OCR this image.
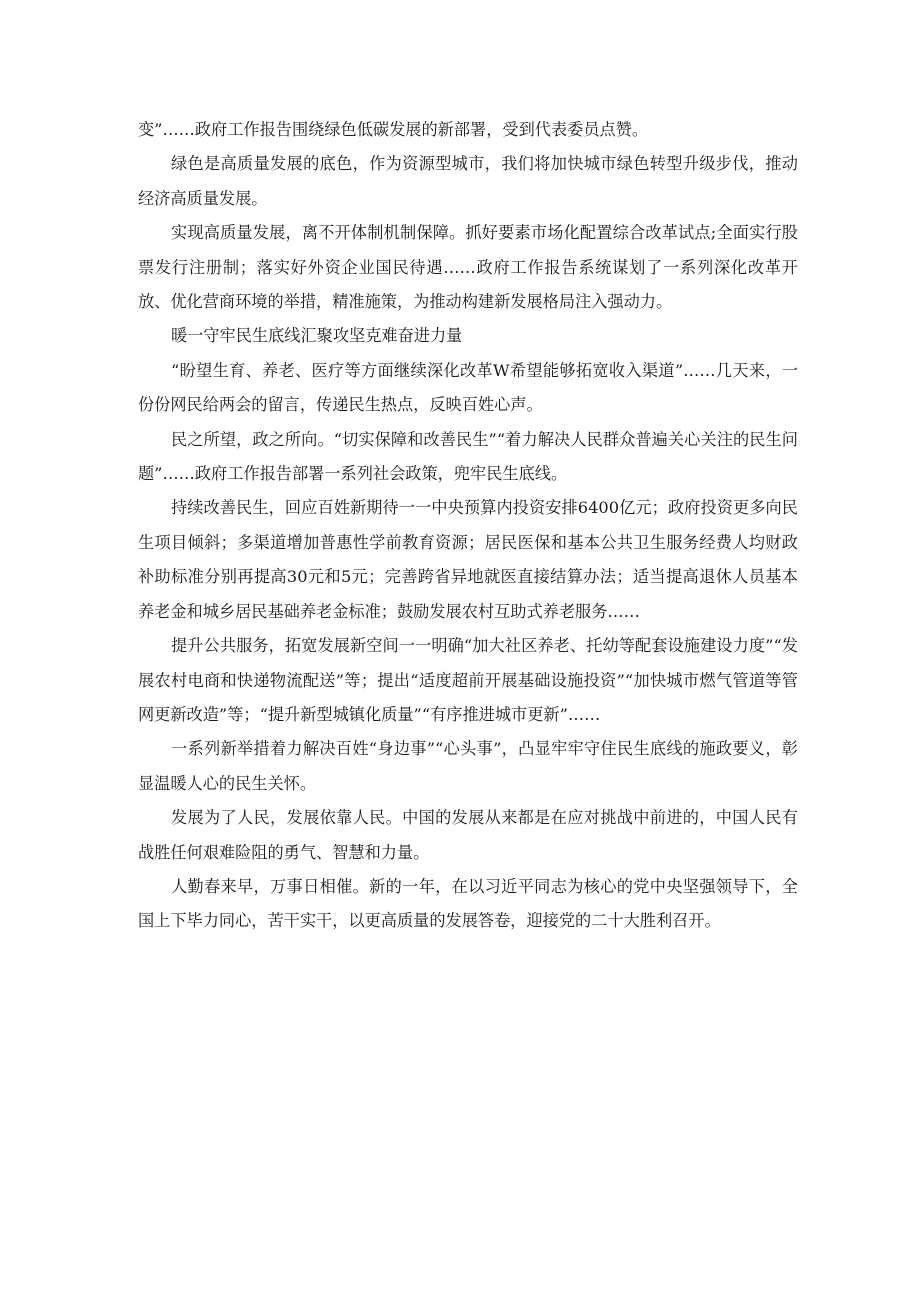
变”……政府工作报告围绕绿色低碳发展的新部署，受到代表委员点赞。

绿色是高质量发展的底色，作为资源型城市，我们将加快城市绿色转型升级步伐，推动经济高质量发展。

实现高质量发展，离不开体制机制保障。抓好要素市场化配置综合改革试点;全面实行股票发行注册制；落实好外资企业国民待遇……政府工作报告系统谋划了一系列深化改革开放、优化营商环境的举措，精准施策，为推动构建新发展格局注入强动力。

暖一守牢民生底线汇聚攻坚克难奋进力量

“盼望生育、养老、医疗等方面继续深化改革W希望能够拓宽收入渠道”……几天来，一份份网民给两会的留言，传递民生热点，反映百姓心声。

民之所望，政之所向。“切实保障和改善民生”“着力解决人民群众普遍关心关注的民生问题”……政府工作报告部署一系列社会政策，兜牢民生底线。

持续改善民生，回应百姓新期待一一中央预算内投资安排6400亿元；政府投资更多向民生项目倾斜；多渠道增加普惠性学前教育资源；居民医保和基本公共卫生服务经费人均财政补助标准分别再提高30元和5元；完善跨省异地就医直接结算办法；适当提高退休人员基本养老金和城乡居民基础养老金标准；鼓励发展农村互助式养老服务……

提升公共服务，拓宽发展新空间一一明确“加大社区养老、托幼等配套设施建设力度”“发展农村电商和快递物流配送”等；提出“适度超前开展基础设施投资”“加快城市燃气管道等管网更新改造”等；“提升新型城镇化质量”“有序推进城市更新”……

一系列新举措着力解决百姓“身边事”“心头事”，凸显牢牢守住民生底线的施政要义，彰显温暖人心的民生关怀。

发展为了人民，发展依靠人民。中国的发展从来都是在应对挑战中前进的，中国人民有战胜任何艰难险阻的勇气、智慧和力量。

人勤春来早，万事日相催。新的一年，在以习近平同志为核心的党中央坚强领导下，全国上下毕力同心，苦干实干，以更高质量的发展答卷，迎接党的二十大胜利召开。
